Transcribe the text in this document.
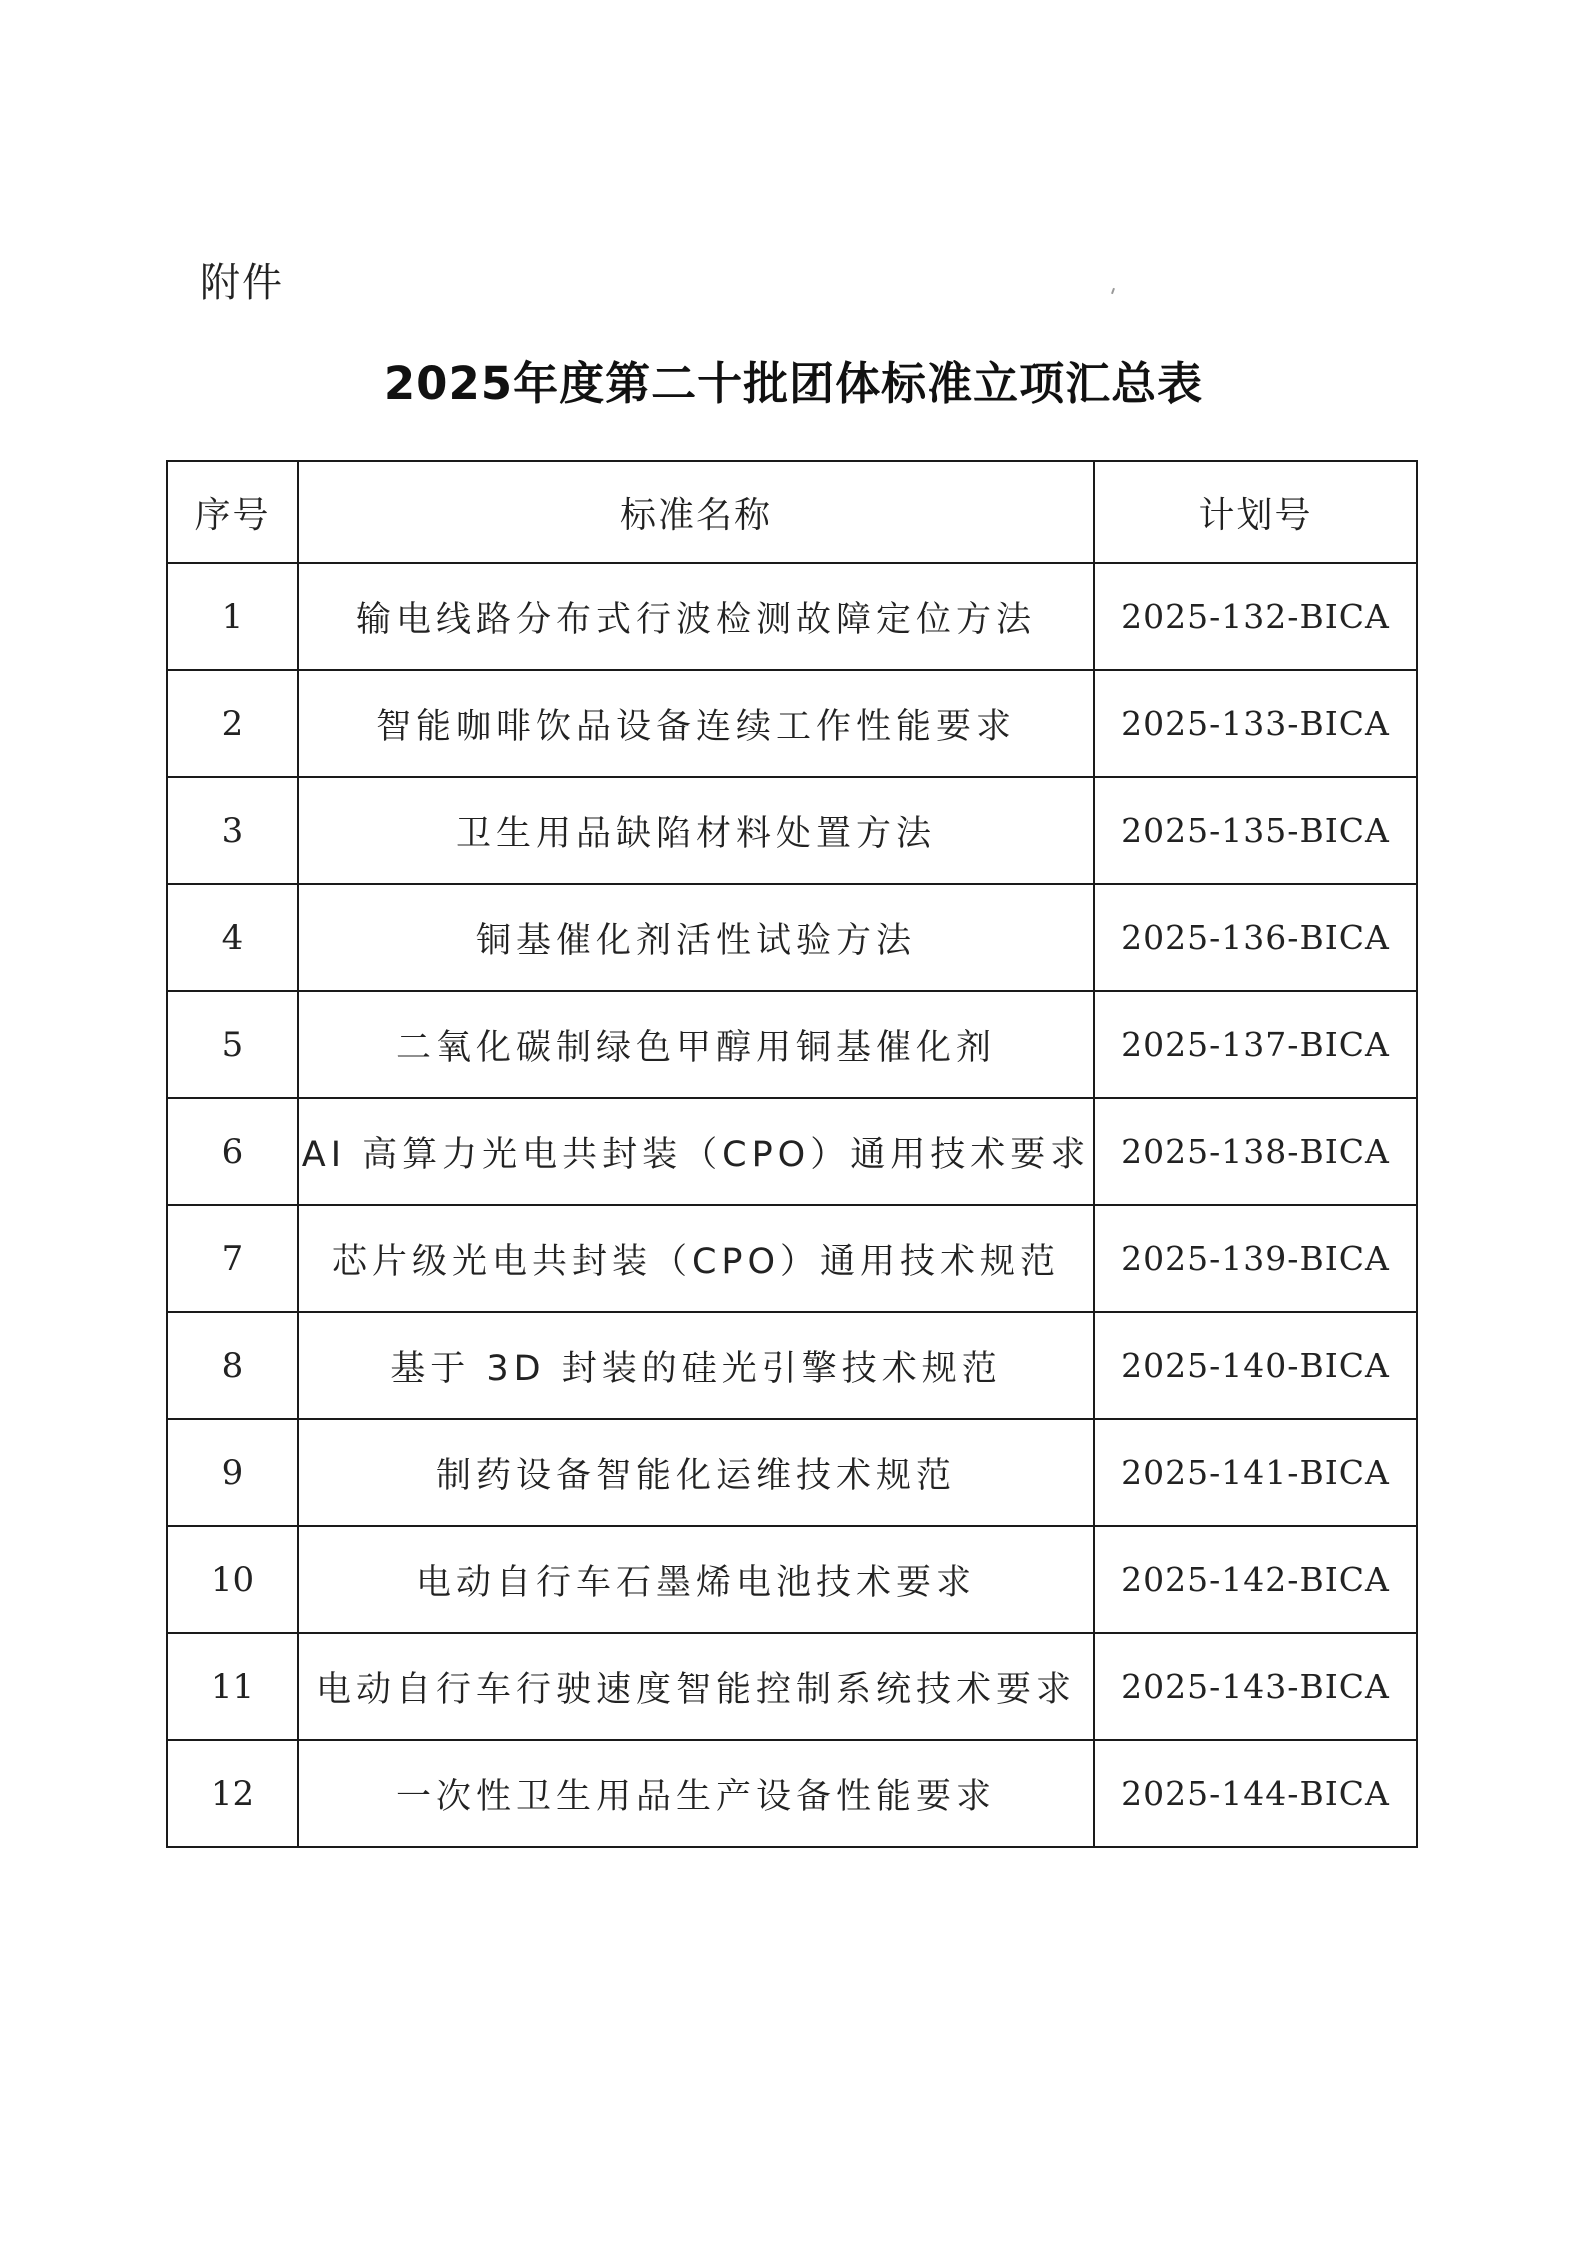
附件
2025年度第二十批团体标准立项汇总表
序号	标准名称	计划号
1	输电线路分布式行波检测故障定位方法	2025-132-BICA
2	智能咖啡饮品设备连续工作性能要求	2025-133-BICA
3	卫生用品缺陷材料处置方法	2025-135-BICA
4	铜基催化剂活性试验方法	2025-136-BICA
5	二氧化碳制绿色甲醇用铜基催化剂	2025-137-BICA
6	AI 高算力光电共封装（CPO）通用技术要求	2025-138-BICA
7	芯片级光电共封装（CPO）通用技术规范	2025-139-BICA
8	基于 3D 封装的硅光引擎技术规范	2025-140-BICA
9	制药设备智能化运维技术规范	2025-141-BICA
10	电动自行车石墨烯电池技术要求	2025-142-BICA
11	电动自行车行驶速度智能控制系统技术要求	2025-143-BICA
12	一次性卫生用品生产设备性能要求	2025-144-BICA
